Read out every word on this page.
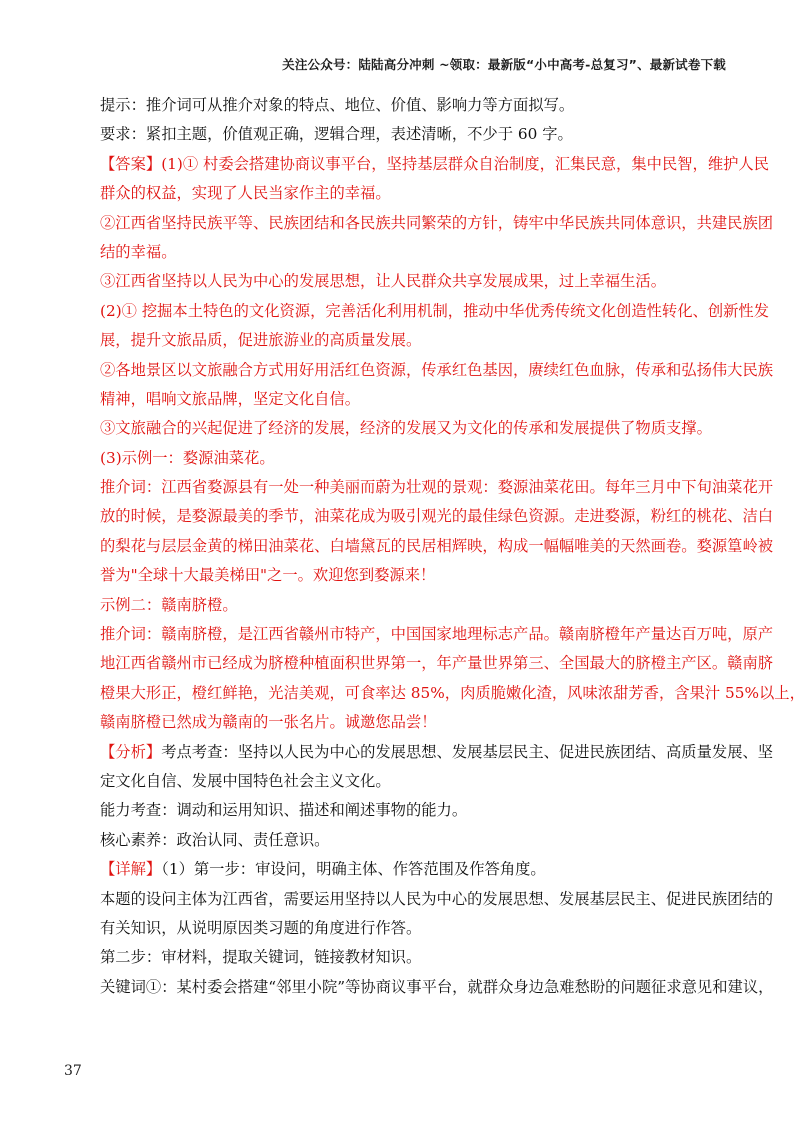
关注公众号：陆陆高分冲刺 ~领取：最新版“小中高考-总复习”、最新试卷下载
提示：推介词可从推介对象的特点、地位、价值、影响力等方面拟写。
要求：紧扣主题，价值观正确，逻辑合理，表述清晰，不少于 60 字。
【答案】(1)① 村委会搭建协商议事平台，坚持基层群众自治制度，汇集民意，集中民智，维护人民
群众的权益，实现了人民当家作主的幸福。
②江西省坚持民族平等、民族团结和各民族共同繁荣的方针，铸牢中华民族共同体意识，共建民族团
结的幸福。
③江西省坚持以人民为中心的发展思想，让人民群众共享发展成果，过上幸福生活。
(2)① 挖掘本土特色的文化资源，完善活化利用机制，推动中华优秀传统文化创造性转化、创新性发
展，提升文旅品质，促进旅游业的高质量发展。
②各地景区以文旅融合方式用好用活红色资源，传承红色基因，赓续红色血脉，传承和弘扬伟大民族
精神，唱响文旅品牌，坚定文化自信。
③文旅融合的兴起促进了经济的发展，经济的发展又为文化的传承和发展提供了物质支撑。
(3)示例一：婺源油菜花。
推介词：江西省婺源县有一处一种美丽而蔚为壮观的景观：婺源油菜花田。每年三月中下旬油菜花开
放的时候，是婺源最美的季节，油菜花成为吸引观光的最佳绿色资源。走进婺源，粉红的桃花、洁白
的梨花与层层金黄的梯田油菜花、白墙黛瓦的民居相辉映，构成一幅幅唯美的天然画卷。婺源篁岭被
誉为"全球十大最美梯田"之一。欢迎您到婺源来！
示例二：赣南脐橙。
推介词：赣南脐橙，是江西省赣州市特产，中国国家地理标志产品。赣南脐橙年产量达百万吨，原产
地江西省赣州市已经成为脐橙种植面积世界第一，年产量世界第三、全国最大的脐橙主产区。赣南脐
橙果大形正，橙红鲜艳，光洁美观，可食率达 85%，肉质脆嫩化渣，风味浓甜芳香，含果汁 55%以上，
赣南脐橙已然成为赣南的一张名片。诚邀您品尝！
【分析】考点考查：坚持以人民为中心的发展思想、发展基层民主、促进民族团结、高质量发展、坚
定文化自信、发展中国特色社会主义文化。
能力考查：调动和运用知识、描述和阐述事物的能力。
核心素养：政治认同、责任意识。
【详解】（1）第一步：审设问，明确主体、作答范围及作答角度。
本题的设问主体为江西省，需要运用坚持以人民为中心的发展思想、发展基层民主、促进民族团结的
有关知识，从说明原因类习题的角度进行作答。
第二步：审材料，提取关键词，链接教材知识。
关键词①：某村委会搭建“邻里小院”等协商议事平台，就群众身边急难愁盼的问题征求意见和建议，
37
